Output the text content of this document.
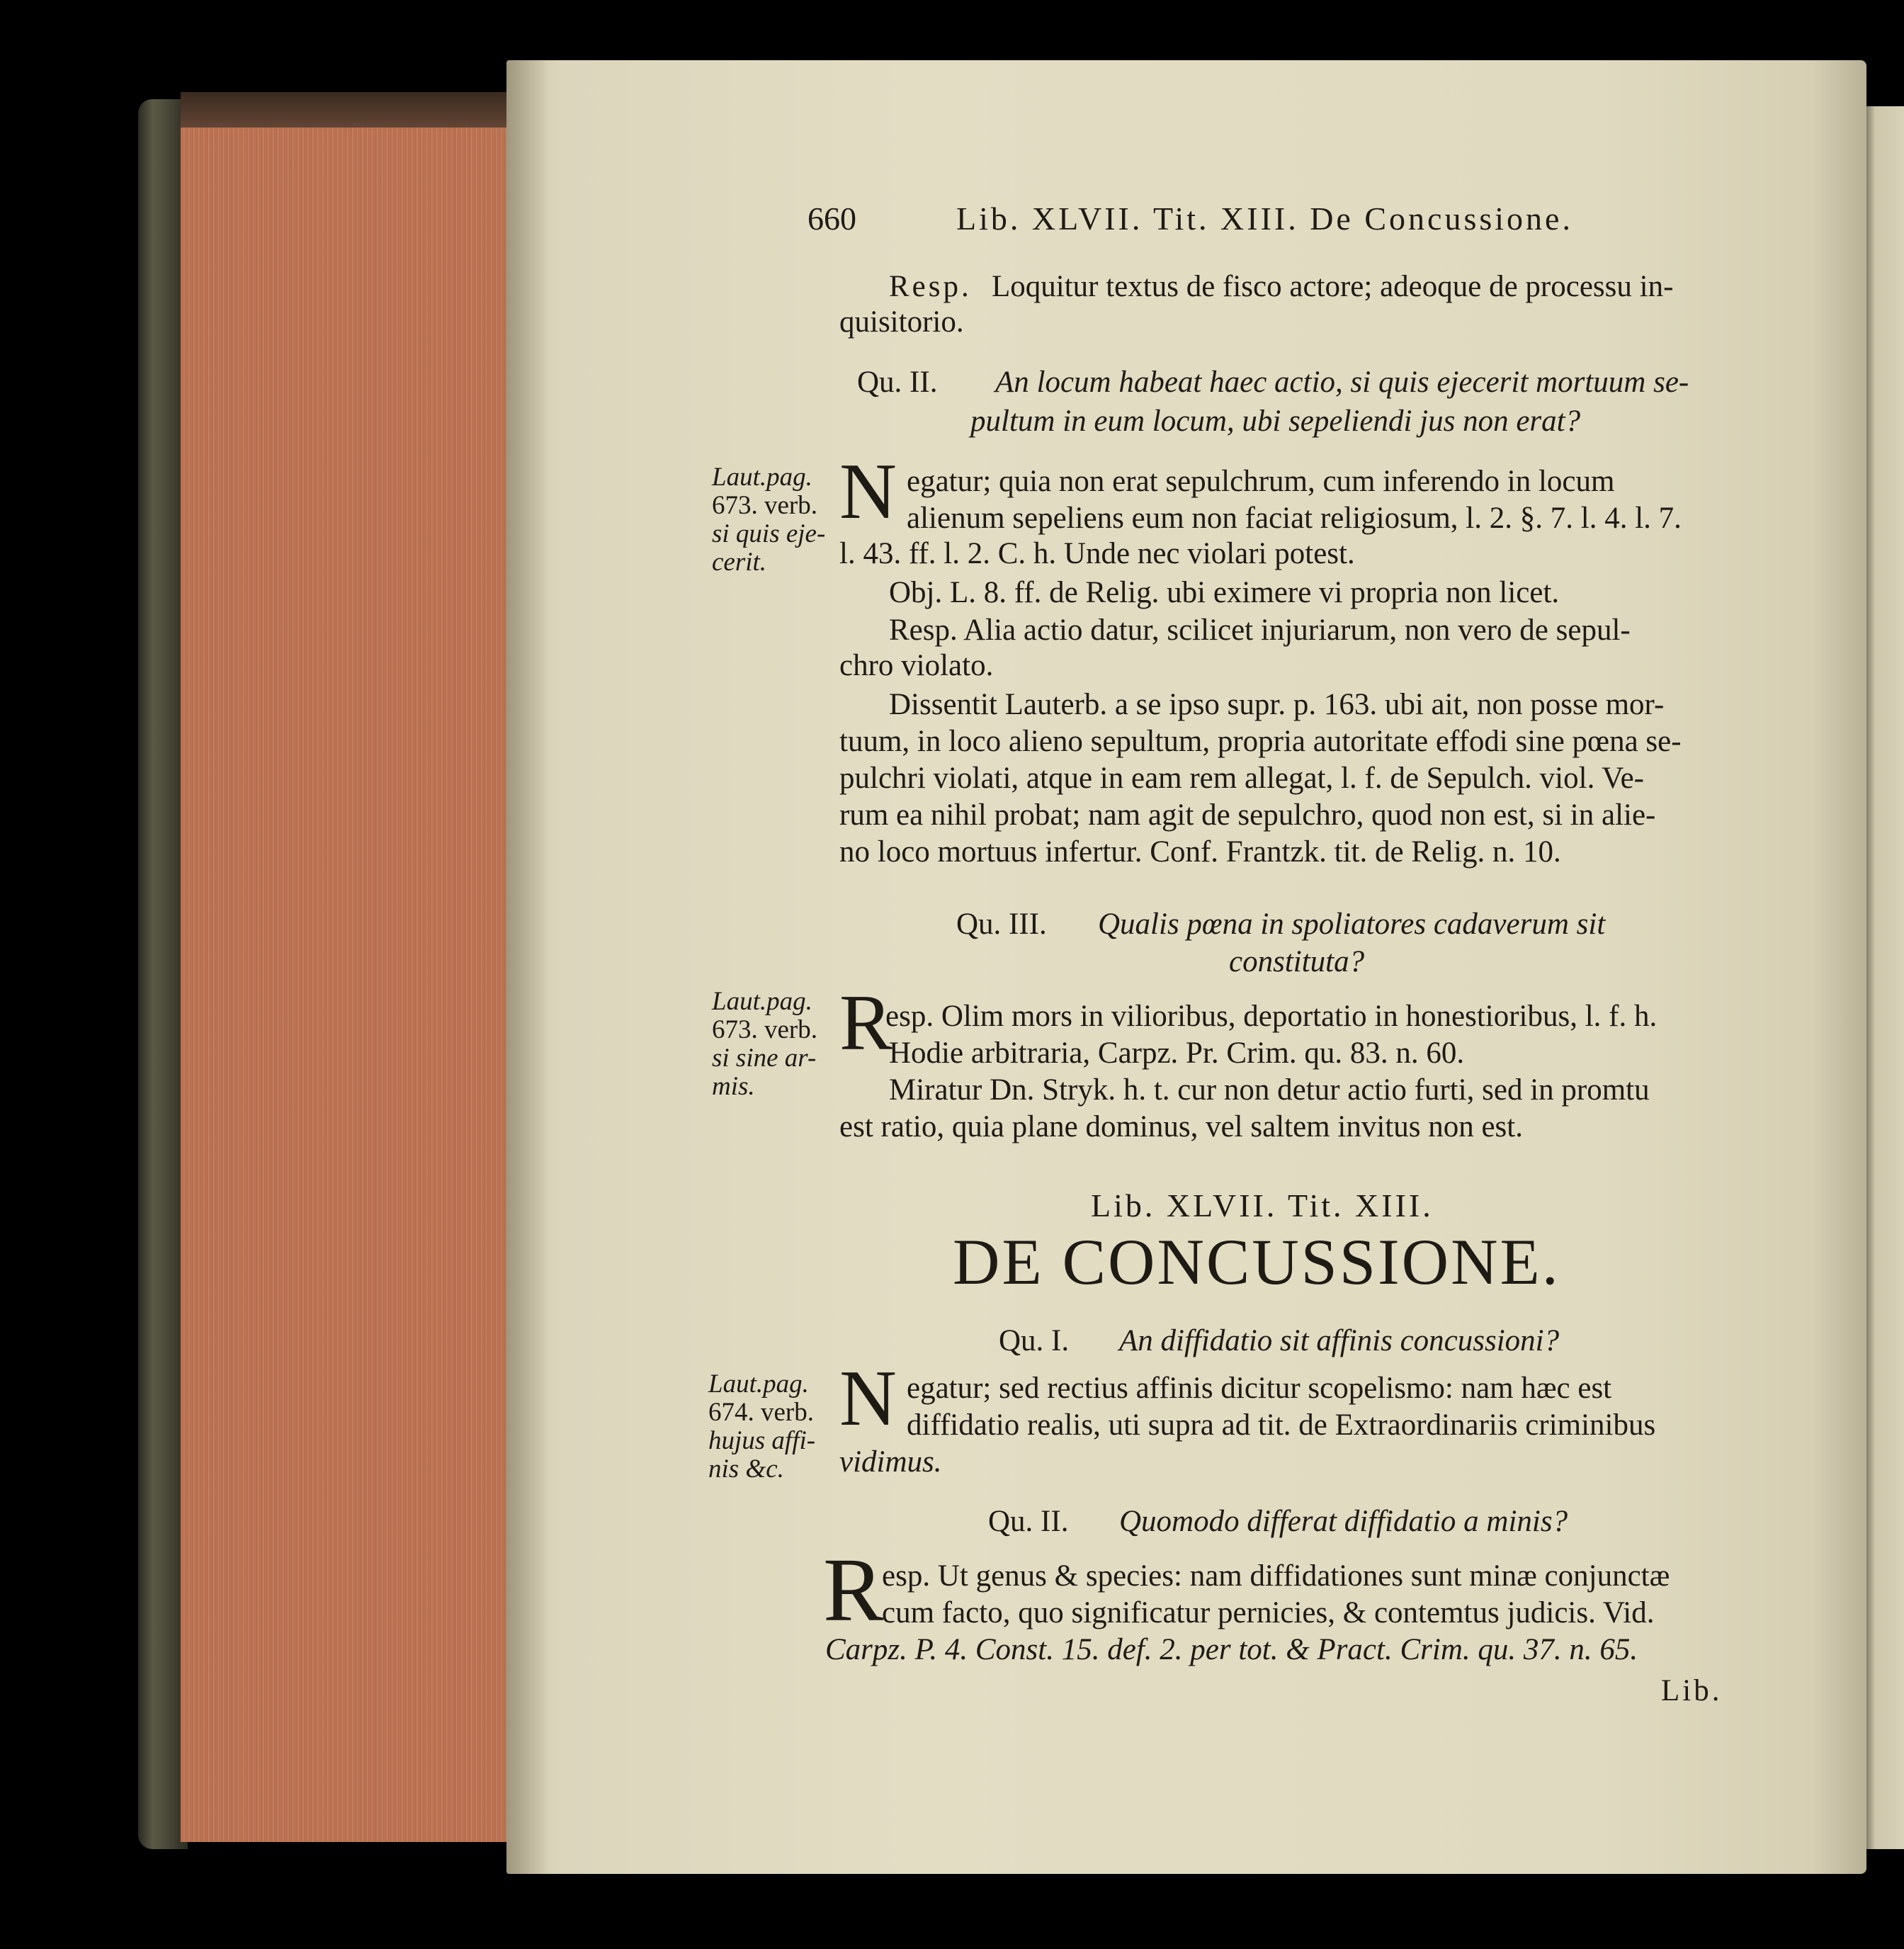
660	Lib. XLVII. Tit. XIII. De Concussione.
Resp. Loquitur textus de fisco actore; adeoque de processu in-
quisitorio.
Qu. II. An locum habeat haec actio, si quis ejecerit mortuum se-
pultum in eum locum, ubi sepeliendi jus non erat?
Laut.pag.
673. verb.
si quis eje-
cerit.
N egatur; quia non erat sepulchrum, cum inferendo in locum
alienum sepeliens eum non faciat religiosum, l. 2. §. 7. l. 4. l. 7.
l. 43. ff. l. 2. C. h. Unde nec violari potest.
Obj. L. 8. ff. de Relig. ubi eximere vi propria non licet.
Resp. Alia actio datur, scilicet injuriarum, non vero de sepul-
chro violato.
Dissentit Lauterb. a se ipso supr. p. 163. ubi ait, non posse mor-
tuum, in loco alieno sepultum, propria autoritate effodi sine pœna se-
pulchri violati, atque in eam rem allegat, l. f. de Sepulch. viol. Ve-
rum ea nihil probat; nam agit de sepulchro, quod non est, si in alie-
no loco mortuus infertur. Conf. Frantzk. tit. de Relig. n. 10.
Qu. III. Qualis pœna in spoliatores cadaverum sit
constituta?
Laut.pag.
673. verb.
si sine ar-
mis.
R
esp. Olim mors in vilioribus, deportatio in honestioribus, l. f. h.
Hodie arbitraria, Carpz. Pr. Crim. qu. 83. n. 60.
Miratur Dn. Stryk. h. t. cur non detur actio furti, sed in promtu
est ratio, quia plane dominus, vel saltem invitus non est.
Lib. XLVII. Tit. XIII.
DE CONCUSSIONE.
Qu. I. An diffidatio sit affinis concussioni?
Laut.pag.
674. verb.
hujus affi-
nis &c.
N egatur; sed rectius affinis dicitur scopelismo: nam hæc est
diffidatio realis, uti supra ad tit. de Extraordinariis criminibus
vidimus.
Qu. II. Quomodo differat diffidatio a minis?
R
esp. Ut genus & species: nam diffidationes sunt minæ conjunctæ
cum facto, quo significatur pernicies, & contemtus judicis. Vid.
Carpz. P. 4. Const. 15. def. 2. per tot. & Pract. Crim. qu. 37. n. 65.
Lib.
